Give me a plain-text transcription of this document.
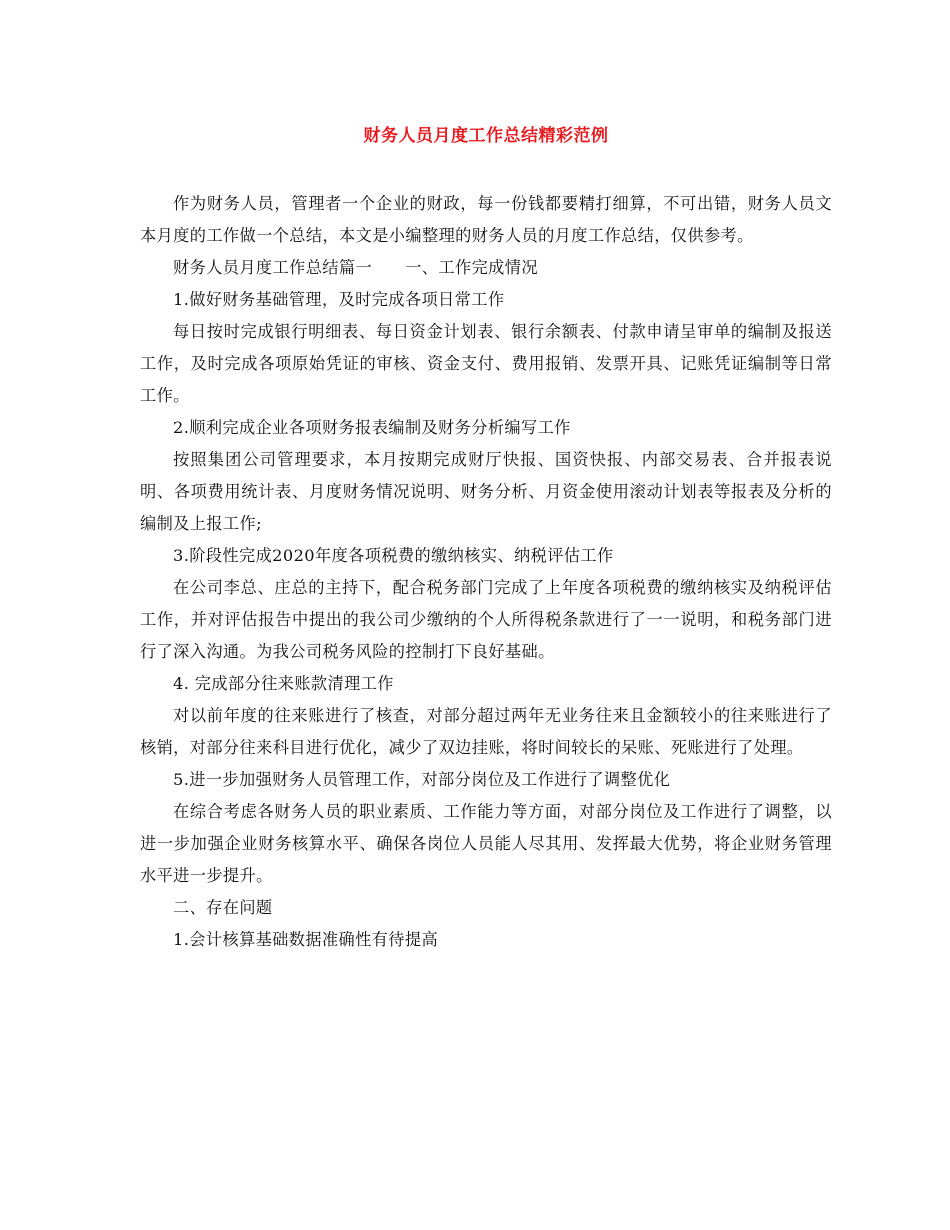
财务人员月度工作总结精彩范例

作为财务人员，管理者一个企业的财政，每一份钱都要精打细算，不可出错，财务人员文本月度的工作做一个总结，本文是小编整理的财务人员的月度工作总结，仅供参考。

财务人员月度工作总结篇一　　一、工作完成情况

1.做好财务基础管理，及时完成各项日常工作

每日按时完成银行明细表、每日资金计划表、银行余额表、付款申请呈审单的编制及报送工作，及时完成各项原始凭证的审核、资金支付、费用报销、发票开具、记账凭证编制等日常工作。

2.顺利完成企业各项财务报表编制及财务分析编写工作

按照集团公司管理要求，本月按期完成财厅快报、国资快报、内部交易表、合并报表说明、各项费用统计表、月度财务情况说明、财务分析、月资金使用滚动计划表等报表及分析的编制及上报工作;

3.阶段性完成2020年度各项税费的缴纳核实、纳税评估工作

在公司李总、庄总的主持下，配合税务部门完成了上年度各项税费的缴纳核实及纳税评估工作，并对评估报告中提出的我公司少缴纳的个人所得税条款进行了一一说明，和税务部门进行了深入沟通。为我公司税务风险的控制打下良好基础。

4. 完成部分往来账款清理工作

对以前年度的往来账进行了核查，对部分超过两年无业务往来且金额较小的往来账进行了核销，对部分往来科目进行优化，减少了双边挂账，将时间较长的呆账、死账进行了处理。

5.进一步加强财务人员管理工作，对部分岗位及工作进行了调整优化

在综合考虑各财务人员的职业素质、工作能力等方面，对部分岗位及工作进行了调整，以进一步加强企业财务核算水平、确保各岗位人员能人尽其用、发挥最大优势，将企业财务管理水平进一步提升。

二、存在问题

1.会计核算基础数据准确性有待提高
